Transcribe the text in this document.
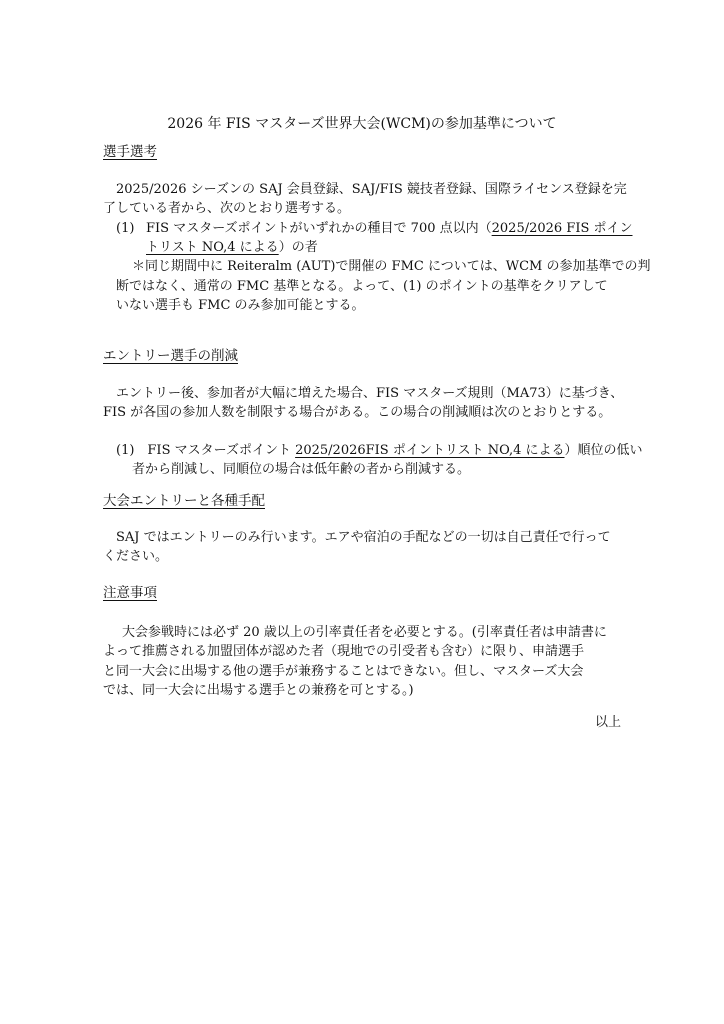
2026 年 FIS マスターズ世界大会(WCM)の参加基準について
選手選考
2025/2026 シーズンの SAJ 会員登録、SAJ/FIS 競技者登録、国際ライセンス登録を完
了している者から、次のとおり選考する。
(1) FIS マスターズポイントがいずれかの種目で 700 点以内（2025/2026 FIS ポイン
トリスト NO,4 による）の者
＊同じ期間中に Reiteralm (AUT)で開催の FMC については、WCM の参加基準での判
断ではなく、通常の FMC 基準となる。よって、(1) のポイントの基準をクリアして
いない選手も FMC のみ参加可能とする。
エントリー選手の削減
エントリー後、参加者が大幅に増えた場合、FIS マスターズ規則（MA73）に基づき、
FIS が各国の参加人数を制限する場合がある。この場合の削減順は次のとおりとする。
(1)　FIS マスターズポイント 2025/2026FIS ポイントリスト NO,4 による）順位の低い
者から削減し、同順位の場合は低年齢の者から削減する。
大会エントリーと各種手配
SAJ ではエントリーのみ行います。エアや宿泊の手配などの一切は自己責任で行って
ください。
注意事項
大会参戦時には必ず 20 歳以上の引率責任者を必要とする。(引率責任者は申請書に
よって推薦される加盟団体が認めた者（現地での引受者も含む）に限り、申請選手
と同一大会に出場する他の選手が兼務することはできない。但し、マスターズ大会
では、同一大会に出場する選手との兼務を可とする。)
以上
